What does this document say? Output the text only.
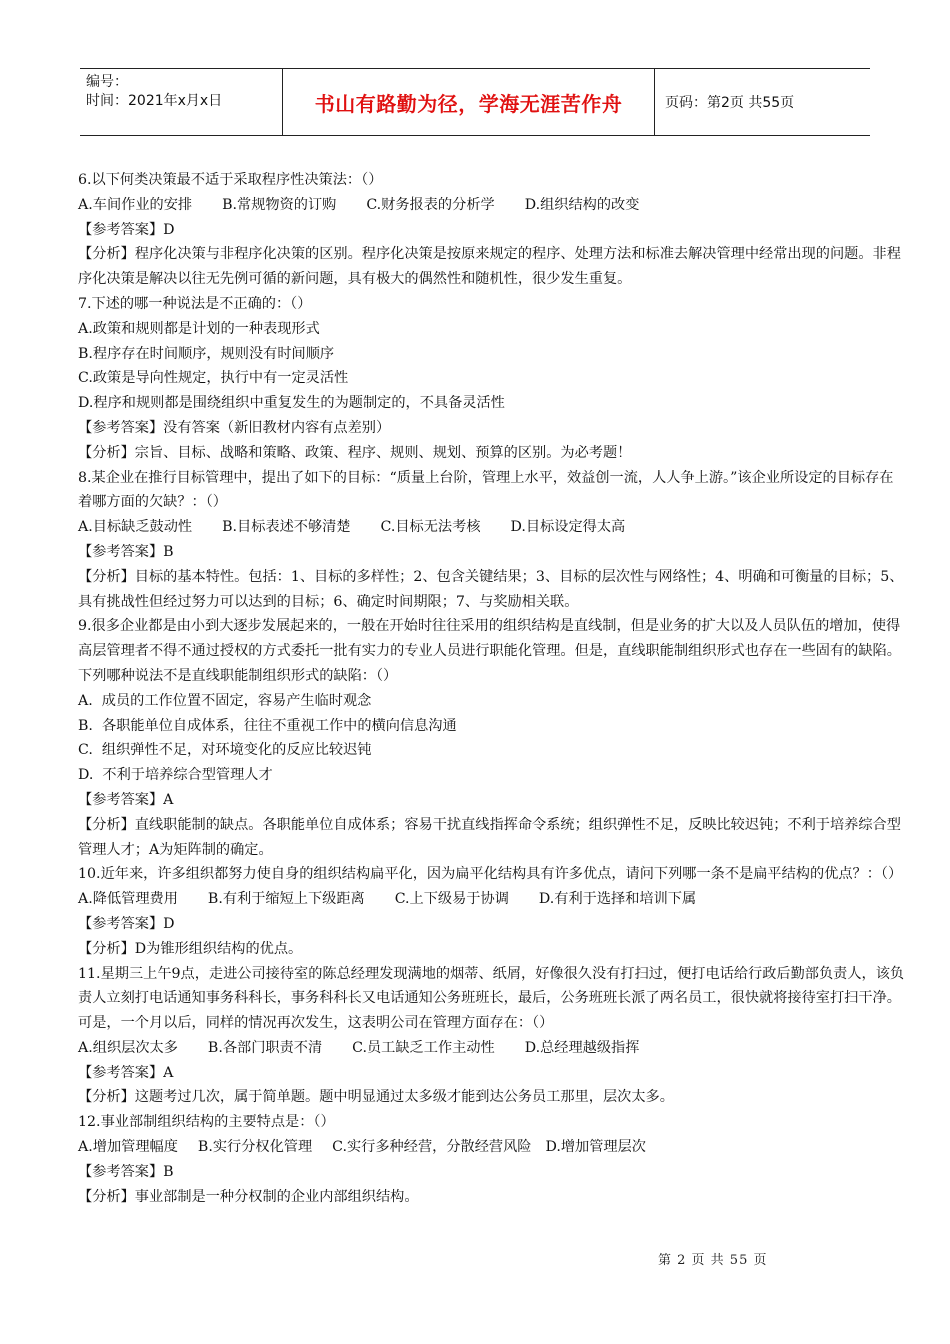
编号：
时间：2021年x月x日	书山有路勤为径，学海无涯苦作舟	页码：第2页 共55页

6.以下何类决策最不适于采取程序性决策法：（）

A.车间作业的安排 B.常规物资的订购 C.财务报表的分析学 D.组织结构的改变

【参考答案】D

【分析】程序化决策与非程序化决策的区别。程序化决策是按原来规定的程序、处理方法和标准去解决管理中经常出现的问题。非程序化决策是解决以往无先例可循的新问题，具有极大的偶然性和随机性，很少发生重复。

7.下述的哪一种说法是不正确的：（）

A.政策和规则都是计划的一种表现形式

B.程序存在时间顺序，规则没有时间顺序

C.政策是导向性规定，执行中有一定灵活性

D.程序和规则都是围绕组织中重复发生的为题制定的，不具备灵活性

【参考答案】没有答案（新旧教材内容有点差别）

【分析】宗旨、目标、战略和策略、政策、程序、规则、规划、预算的区别。为必考题！

8.某企业在推行目标管理中，提出了如下的目标：“质量上台阶，管理上水平，效益创一流，人人争上游。”该企业所设定的目标存在着哪方面的欠缺？：（）

A.目标缺乏鼓动性 B.目标表述不够清楚 C.目标无法考核 D.目标设定得太高

【参考答案】B

【分析】目标的基本特性。包括：1、目标的多样性；2、包含关键结果；3、目标的层次性与网络性；4、明确和可衡量的目标；5、具有挑战性但经过努力可以达到的目标；6、确定时间期限；7、与奖励相关联。

9.很多企业都是由小到大逐步发展起来的，一般在开始时往往采用的组织结构是直线制，但是业务的扩大以及人员队伍的增加，使得高层管理者不得不通过授权的方式委托一批有实力的专业人员进行职能化管理。但是，直线职能制组织形式也存在一些固有的缺陷。下列哪种说法不是直线职能制组织形式的缺陷：（）

A.  成员的工作位置不固定，容易产生临时观念

B.  各职能单位自成体系，往往不重视工作中的横向信息沟通

C.  组织弹性不足，对环境变化的反应比较迟钝

D.  不利于培养综合型管理人才

【参考答案】A

【分析】直线职能制的缺点。各职能单位自成体系；容易干扰直线指挥命令系统；组织弹性不足，反映比较迟钝；不利于培养综合型管理人才；A为矩阵制的确定。

10.近年来，许多组织都努力使自身的组织结构扁平化，因为扁平化结构具有许多优点，请问下列哪一条不是扁平结构的优点？：（）

A.降低管理费用 B.有利于缩短上下级距离 C.上下级易于协调 D.有利于选择和培训下属

【参考答案】D

【分析】D为锥形组织结构的优点。

11.星期三上午9点，走进公司接待室的陈总经理发现满地的烟蒂、纸屑，好像很久没有打扫过，便打电话给行政后勤部负责人，该负责人立刻打电话通知事务科科长，事务科科长又电话通知公务班班长，最后，公务班班长派了两名员工，很快就将接待室打扫干净。可是，一个月以后，同样的情况再次发生，这表明公司在管理方面存在：（）

A.组织层次太多 B.各部门职责不清 C.员工缺乏工作主动性 D.总经理越级指挥

【参考答案】A

【分析】这题考过几次，属于简单题。题中明显通过太多级才能到达公务员工那里，层次太多。

12.事业部制组织结构的主要特点是：（）

A.增加管理幅度 B.实行分权化管理 C.实行多种经营，分散经营风险 D.增加管理层次

【参考答案】B

【分析】事业部制是一种分权制的企业内部组织结构。

第 2 页 共 55 页
